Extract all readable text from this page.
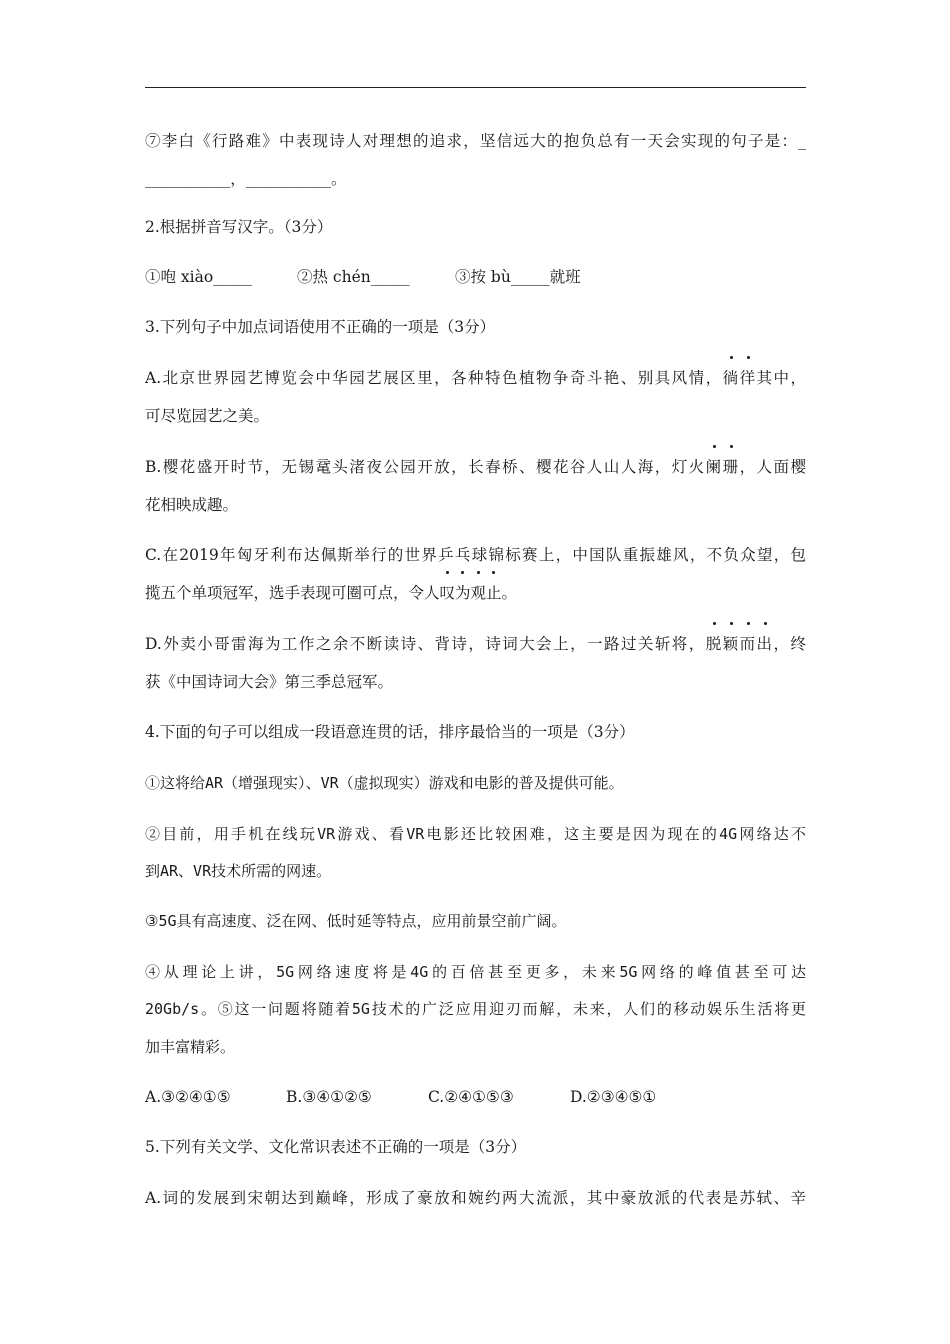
⑦李白《行路难》中表现诗人对理想的追求，坚信远大的抱负总有一天会实现的句子是：_
___________，___________。
2.根据拼音写汉字。（3分）
①咆 xiào_____	②热 chén_____	③按 bù_____就班
3.下列句子中加点词语使用不正确的一项是（3分）
A.北京世界园艺博览会中华园艺展区里，各种特色植物争奇斗艳、别具风情，
徜徉其中，
可尽览园艺之美。
B.樱花盛开时节，无锡鼋头渚夜公园开放，长春桥、樱花谷人山人海，灯火
阑珊，人面樱
花相映成趣。
C.在2019年匈牙利布达佩斯举行的世界乒乓球锦标赛上，中国队重振雄风，不负众望，包
揽五个单项冠军，选手表现可圈可点，令人
叹为观止。
D.外卖小哥雷海为工作之余不断读诗、背诗，诗词大会上，一路过关斩将，
脱颖而出，终
获《中国诗词大会》第三季总冠军。
4.下面的句子可以组成一段语意连贯的话，排序最恰当的一项是（3分）
①这将给AR（增强现实）、VR（虚拟现实）游戏和电影的普及提供可能。
②目前，用手机在线玩VR游戏、看VR电影还比较困难，这主要是因为现在的4G网络达不
到AR、VR技术所需的网速。
③5G具有高速度、泛在网、低时延等特点，应用前景空前广阔。
④从理论上讲，5G网络速度将是4G的百倍甚至更多，未来5G网络的峰值甚至可达
20Gb/s。⑤这一问题将随着5G技术的广泛应用迎刃而解，未来，人们的移动娱乐生活将更
加丰富精彩。
A.③②④①⑤	B.③④①②⑤	C.②④①⑤③	D.②③④⑤①
5.下列有关文学、文化常识表述不正确的一项是（3分）
A.词的发展到宋朝达到巅峰，形成了豪放和婉约两大流派，其中豪放派的代表是苏轼、辛
